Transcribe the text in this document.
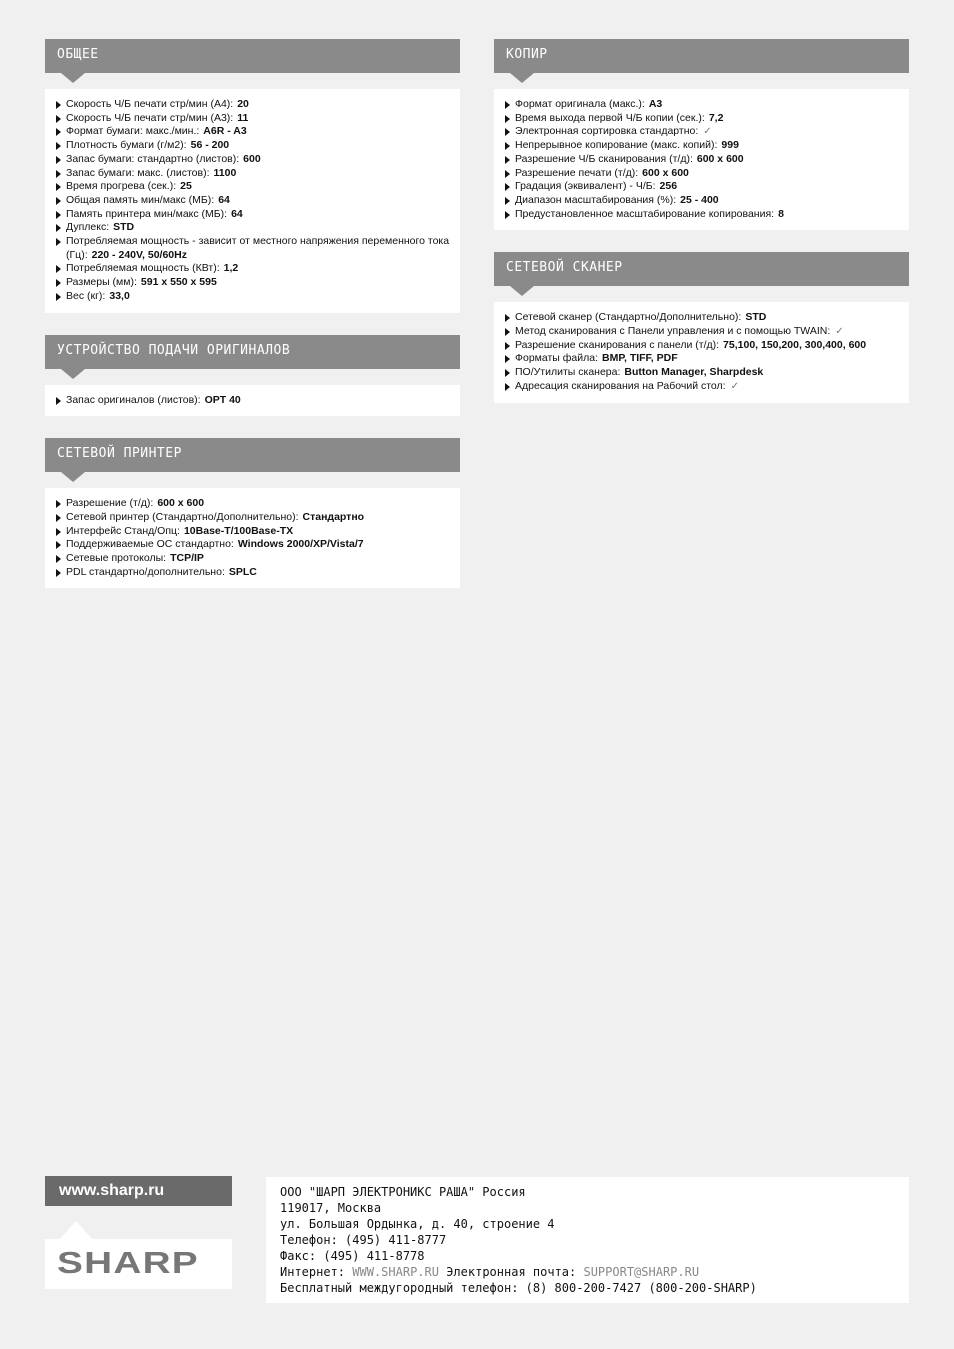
ОБЩЕЕ
Скорость Ч/Б печати стр/мин (A4): 20
Скорость Ч/Б печати стр/мин (A3): 11
Формат бумаги: макс./мин.: A6R - A3
Плотность бумаги (г/м2): 56 - 200
Запас бумаги: стандартно (листов): 600
Запас бумаги: макс. (листов): 1100
Время прогрева (сек.): 25
Общая память мин/макс (МБ): 64
Память принтера мин/макс (МБ): 64
Дуплекс: STD
Потребляемая мощность - зависит от местного напряжения переменного тока (Гц): 220 - 240V, 50/60Hz
Потребляемая мощность (КВт): 1,2
Размеры (мм): 591 x 550 x 595
Вес (кг): 33,0
УСТРОЙСТВО ПОДАЧИ ОРИГИНАЛОВ
Запас оригиналов (листов): OPT 40
СЕТЕВОЙ ПРИНТЕР
Разрешение (т/д): 600 x 600
Сетевой принтер (Стандартно/Дополнительно): Стандартно
Интерфейс Станд/Опц: 10Base-T/100Base-TX
Поддерживаемые ОС стандартно: Windows 2000/XP/Vista/7
Сетевые протоколы: TCP/IP
PDL стандартно/дополнительно: SPLC
КОПИР
Формат оригинала (макс.): A3
Время выхода первой Ч/Б копии (сек.): 7,2
Электронная сортировка стандартно: ✓
Непрерывное копирование (макс. копий): 999
Разрешение Ч/Б сканирования (т/д): 600 x 600
Разрешение печати (т/д): 600 x 600
Градация (эквивалент) - Ч/Б: 256
Диапазон масштабирования (%): 25 - 400
Предустановленное масштабирование копирования: 8
СЕТЕВОЙ СКАНЕР
Сетевой сканер (Стандартно/Дополнительно): STD
Метод сканирования с Панели управления и с помощью TWAIN: ✓
Разрешение сканирования с панели (т/д): 75,100, 150,200, 300,400, 600
Форматы файла: BMP, TIFF, PDF
ПО/Утилиты сканера: Button Manager, Sharpdesk
Адресация сканирования на Рабочий стол: ✓
www.sharp.ru
SHARP
ООО "ШАРП ЭЛЕКТРОНИКС РАША" Россия
119017, Москва
ул. Большая Ордынка, д. 40, строение 4
Телефон: (495) 411-8777
Факс: (495) 411-8778
Интернет: WWW.SHARP.RU Электронная почта: SUPPORT@SHARP.RU
Бесплатный междугородный телефон: (8) 800-200-7427 (800-200-SHARP)
